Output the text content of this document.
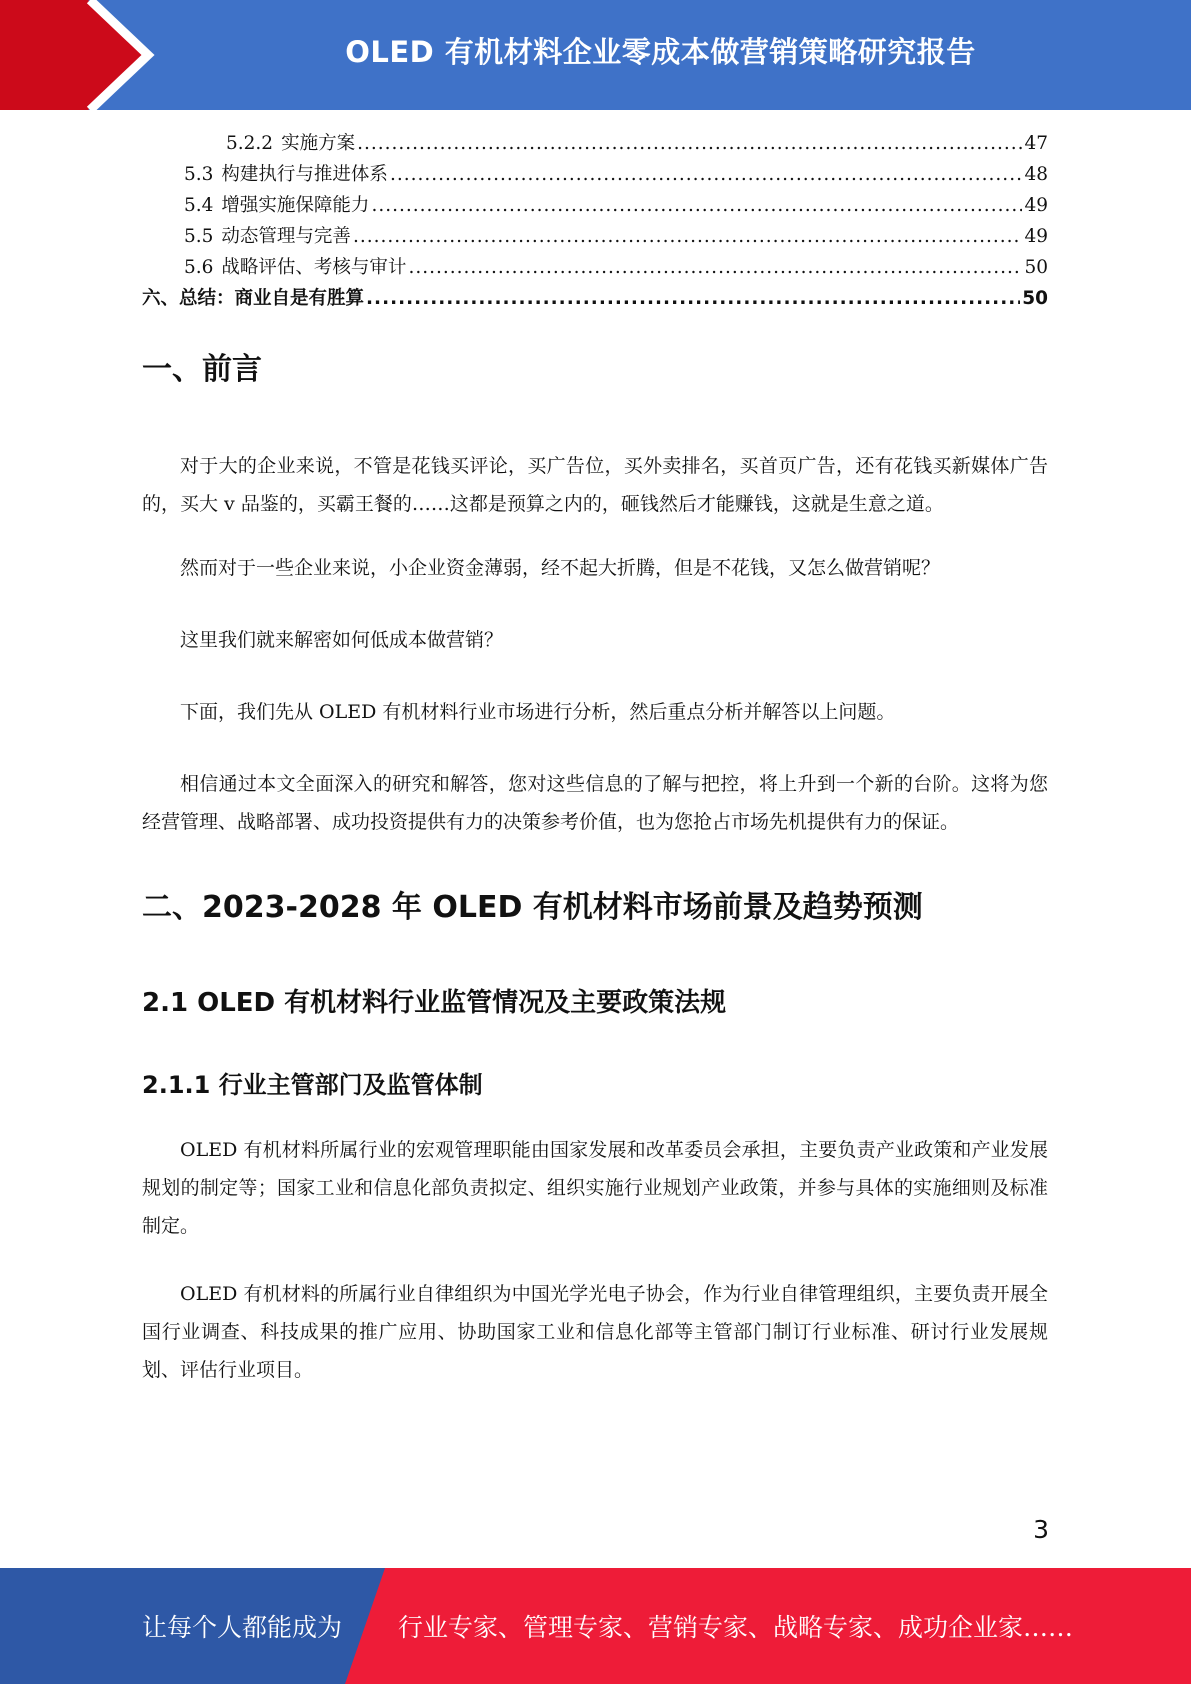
OLED 有机材料企业零成本做营销策略研究报告
5.2.2 实施方案 .....	47
5.3 构建执行与推进体系 .....	48
5.4 增强实施保障能力 .....	49
5.5 动态管理与完善 .....	49
5.6 战略评估、考核与审计 .....	50
六、总结：商业自是有胜算 .....	50
一、前言

对于大的企业来说，不管是花钱买评论，买广告位，买外卖排名，买首页广告，还有花钱买新媒体广告的，买大 v 品鉴的，买霸王餐的……这都是预算之内的，砸钱然后才能赚钱，这就是生意之道。

然而对于一些企业来说，小企业资金薄弱，经不起大折腾，但是不花钱，又怎么做营销呢？

这里我们就来解密如何低成本做营销？

下面，我们先从 OLED 有机材料行业市场进行分析，然后重点分析并解答以上问题。

相信通过本文全面深入的研究和解答，您对这些信息的了解与把控，将上升到一个新的台阶。这将为您经营管理、战略部署、成功投资提供有力的决策参考价值，也为您抢占市场先机提供有力的保证。

二、2023-2028 年 OLED 有机材料市场前景及趋势预测
2.1 OLED 有机材料行业监管情况及主要政策法规
2.1.1 行业主管部门及监管体制

OLED 有机材料所属行业的宏观管理职能由国家发展和改革委员会承担，主要负责产业政策和产业发展规划的制定等；国家工业和信息化部负责拟定、组织实施行业规划产业政策，并参与具体的实施细则及标准制定。

OLED 有机材料的所属行业自律组织为中国光学光电子协会，作为行业自律管理组织，主要负责开展全国行业调查、科技成果的推广应用、协助国家工业和信息化部等主管部门制订行业标准、研讨行业发展规划、评估行业项目。

3
让每个人都能成为 行业专家、管理专家、营销专家、战略专家、成功企业家……
